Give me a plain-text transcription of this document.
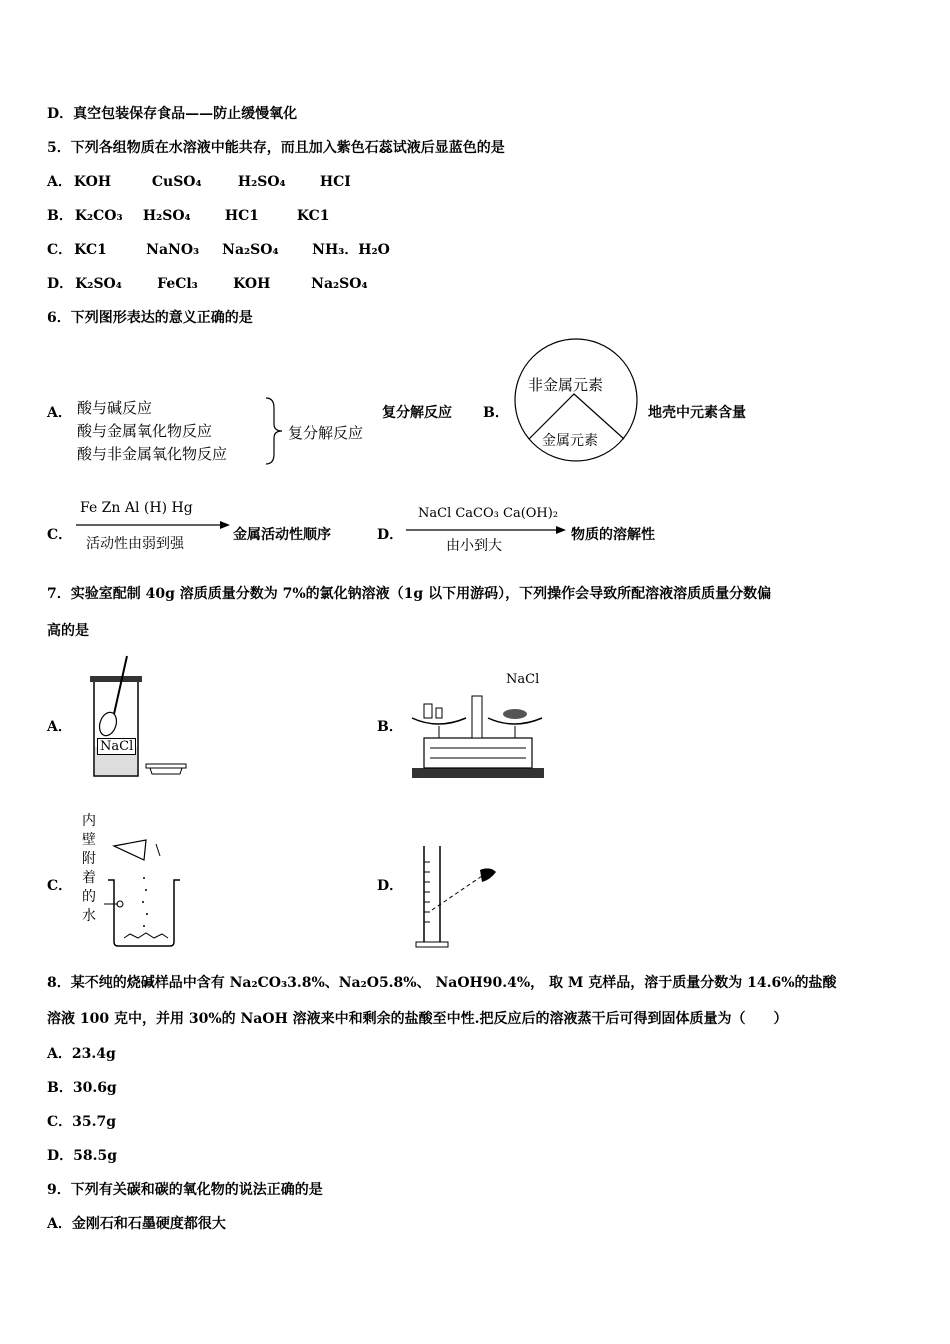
D．真空包装保存食品——防止缓慢氧化
5．下列各组物质在水溶液中能共存，而且加入紫色石蕊试液后显蓝色的是
A． KOH	CuSO₄	H₂SO₄ HCI
B． K₂CO₃ H₂SO₄ HC1	KC1
C． KC1	NaNO₃ Na₂SO₄ NH₃．H₂O
D． K₂SO₄	FeCl₃	KOH	Na₂SO₄
6．下列图形表达的意义正确的是
A． 酸与碱反应
酸与金属氧化物反应
酸与非金属氧化物反应
复分解反应
复分解反应 B．
非金属元素
金属元素
地壳中元素含量
C．
Fe Zn Al (H) Hg
活动性由弱到强
金属活动性顺序	D．
NaCl CaCO₃ Ca(OH)₂
由小到大
物质的溶解性
7．实验室配制 40g 溶质质量分数为 7%的氯化钠溶液（1g 以下用游码），下列操作会导致所配溶液溶质质量分数偏
高的是
A．
NaCl
B．
NaCl
C．
内
壁
附
着
的
水
D．
8．某不纯的烧碱样品中含有 Na₂CO₃3.8%、Na₂O5.8%、 NaOH90.4%， 取 M 克样品，溶于质量分数为 14.6%的盐酸
溶液 100 克中，并用 30%的 NaOH 溶液来中和剩余的盐酸至中性.把反应后的溶液蒸干后可得到固体质量为（　　）
A．23.4g
B．30.6g
C．35.7g
D．58.5g
9．下列有关碳和碳的氧化物的说法正确的是
A．金刚石和石墨硬度都很大
